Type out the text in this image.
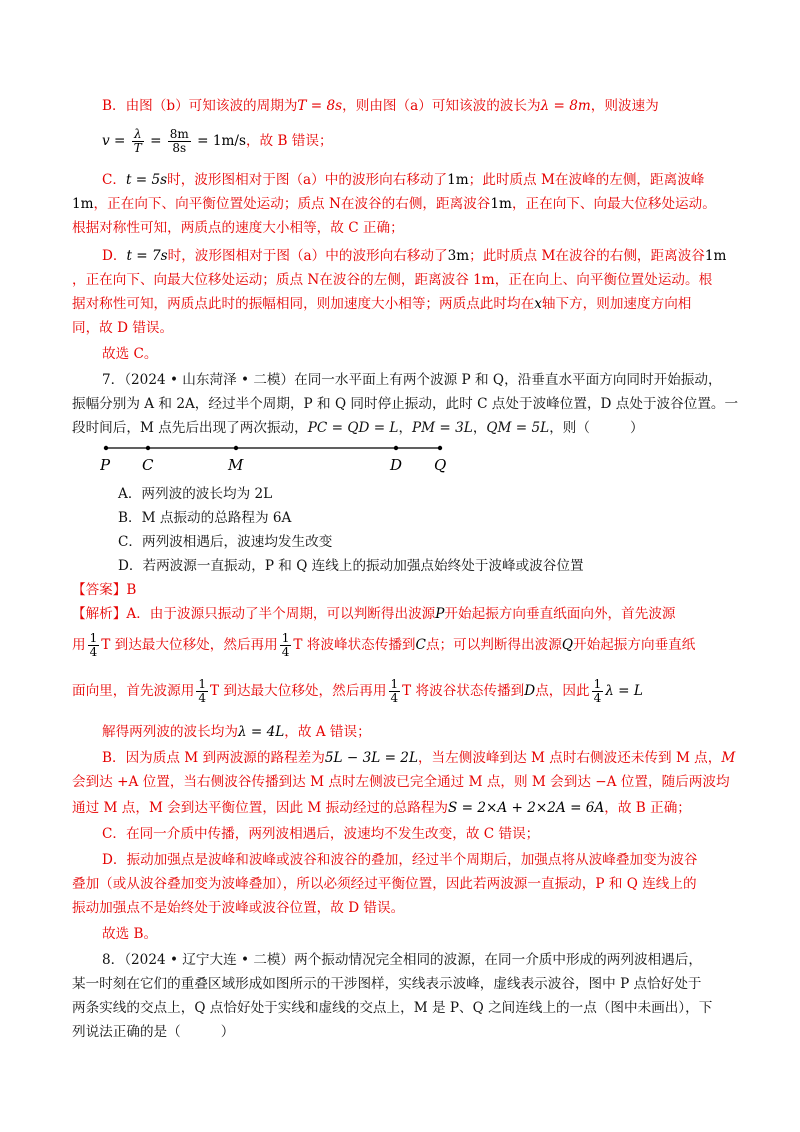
B．由图（b）可知该波的周期为T = 8s，则由图（a）可知该波的波长为λ = 8m，则波速为
$v = \frac{\lambda}{T} = \frac{8m}{8s} = 1m/s$，故 B 错误；
C．t = 5s时，波形图相对于图（a）中的波形向右移动了1m；此时质点 M在波峰的左侧，距离波峰
1m，正在向下、向平衡位置处运动；质点 N在波谷的右侧，距离波谷1m，正在向下、向最大位移处运动。
根据对称性可知，两质点的速度大小相等，故 C 正确；
D．t = 7s时，波形图相对于图（a）中的波形向右移动了3m；此时质点 M在波谷的右侧，距离波谷1m
，正在向下、向最大位移处运动；质点 N在波谷的左侧，距离波谷 1m，正在向上、向平衡位置处运动。根
据对称性可知，两质点此时的振幅相同，则加速度大小相等；两质点此时均在x轴下方，则加速度方向相
同，故 D 错误。
故选 C。
7．（2024 • 山东菏泽 • 二模）在同一水平面上有两个波源 P 和 Q，沿垂直水平面方向同时开始振动，
振幅分别为 A 和 2A，经过半个周期，P 和 Q 同时停止振动，此时 C 点处于波峰位置，D 点处于波谷位置。一
段时间后，M 点先后出现了两次振动，PC = QD = L，PM = 3L，QM = 5L，则（	）
P C	M	D Q
A．两列波的波长均为 2L
B．M 点振动的总路程为 6A
C．两列波相遇后，波速均发生改变
D．若两波源一直振动，P 和 Q 连线上的振动加强点始终处于波峰或波谷位置
【答案】B
【解析】A．由于波源只振动了半个周期，可以判断得出波源P开始起振方向垂直纸面向外，首先波源
用 $\frac{1}{4}$ T 到达最大位移处，然后再用 $\frac{1}{4}$ T 将波峰状态传播到C点；可以判断得出波源Q开始起振方向垂直纸
面向里，首先波源用 $\frac{1}{4}$ T 到达最大位移处，然后再用 $\frac{1}{4}$ T 将波谷状态传播到D点，因此 $\frac{1}{4}$ λ = L
解得两列波的波长均为λ = 4L，故 A 错误；
B．因为质点 M 到两波源的路程差为5L − 3L = 2L，当左侧波峰到达 M 点时右侧波还未传到 M 点，M
会到达 +A 位置，当右侧波谷传播到达 M 点时左侧波已完全通过 M 点，则 M 会到达 −A 位置，随后两波均
通过 M 点，M 会到达平衡位置，因此 M 振动经过的总路程为S = 2×A + 2×2A = 6A，故 B 正确；
C．在同一介质中传播，两列波相遇后，波速均不发生改变，故 C 错误；
D．振动加强点是波峰和波峰或波谷和波谷的叠加，经过半个周期后，加强点将从波峰叠加变为波谷
叠加（或从波谷叠加变为波峰叠加），所以必须经过平衡位置，因此若两波源一直振动，P 和 Q 连线上的
振动加强点不是始终处于波峰或波谷位置，故 D 错误。
故选 B。
8．（2024 • 辽宁大连 • 二模）两个振动情况完全相同的波源，在同一介质中形成的两列波相遇后，
某一时刻在它们的重叠区域形成如图所示的干涉图样，实线表示波峰，虚线表示波谷，图中 P 点恰好处于
两条实线的交点上，Q 点恰好处于实线和虚线的交点上，M 是 P、Q 之间连线上的一点（图中未画出），下
列说法正确的是（	）
